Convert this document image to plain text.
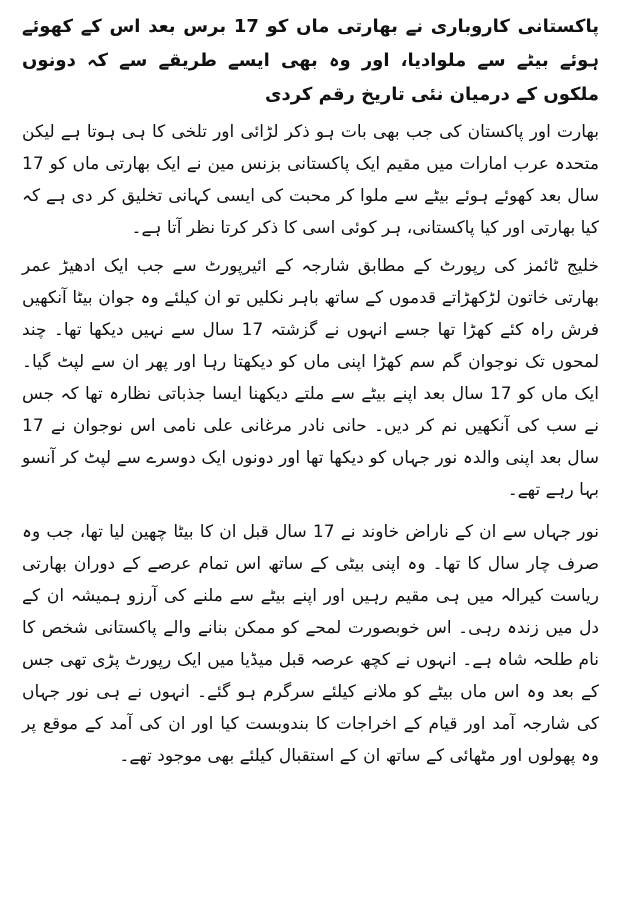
پاکستانی کاروباری نے بھارتی ماں کو 17 برس بعد اس کے کھوئے ہوئے بیٹے سے ملوادیا، اور وہ بھی ایسے طریقے سے کہ دونوں ملکوں کے درمیان نئی تاریخ رقم کردی

بھارت اور پاکستان کی جب بھی بات ہو ذکر لڑائی اور تلخی کا ہی ہوتا ہے لیکن متحدہ عرب امارات میں مقیم ایک پاکستانی بزنس مین نے ایک بھارتی ماں کو 17 سال بعد کھوئے ہوئے بیٹے سے ملوا کر محبت کی ایسی کہانی تخلیق کر دی ہے کہ کیا بھارتی اور کیا پاکستانی، ہر کوئی اسی کا ذکر کرتا نظر آتا ہے۔

خلیج ٹائمز کی رپورٹ کے مطابق شارجہ کے ائیرپورٹ سے جب ایک ادھیڑ عمر بھارتی خاتون لڑکھڑاتے قدموں کے ساتھ باہر نکلیں تو ان کیلئے وہ جوان بیٹا آنکھیں فرش راہ کئے کھڑا تھا جسے انہوں نے گزشتہ 17 سال سے نہیں دیکھا تھا۔ چند لمحوں تک نوجوان گم سم کھڑا اپنی ماں کو دیکھتا رہا اور پھر ان سے لپٹ گیا۔ ایک ماں کو 17 سال بعد اپنے بیٹے سے ملتے دیکھنا ایسا جذباتی نظارہ تھا کہ جس نے سب کی آنکھیں نم کر دیں۔ حانی نادر مرغانی علی نامی اس نوجوان نے 17 سال بعد اپنی والدہ نور جہاں کو دیکھا تھا اور دونوں ایک دوسرے سے لپٹ کر آنسو بہا رہے تھے۔

نور جہاں سے ان کے ناراض خاوند نے 17 سال قبل ان کا بیٹا چھین لیا تھا، جب وہ صرف چار سال کا تھا۔ وہ اپنی بیٹی کے ساتھ اس تمام عرصے کے دوران بھارتی ریاست کیرالہ میں ہی مقیم رہیں اور اپنے بیٹے سے ملنے کی آرزو ہمیشہ ان کے دل میں زندہ رہی۔ اس خوبصورت لمحے کو ممکن بنانے والے پاکستانی شخص کا نام طلحہ شاہ ہے۔ انہوں نے کچھ عرصہ قبل میڈیا میں ایک رپورٹ پڑی تھی جس کے بعد وہ اس ماں بیٹے کو ملانے کیلئے سرگرم ہو گئے۔ انہوں نے ہی نور جہاں کی شارجہ آمد اور قیام کے اخراجات کا بندوبست کیا اور ان کی آمد کے موقع پر وہ پھولوں اور مٹھائی کے ساتھ ان کے استقبال کیلئے بھی موجود تھے۔
